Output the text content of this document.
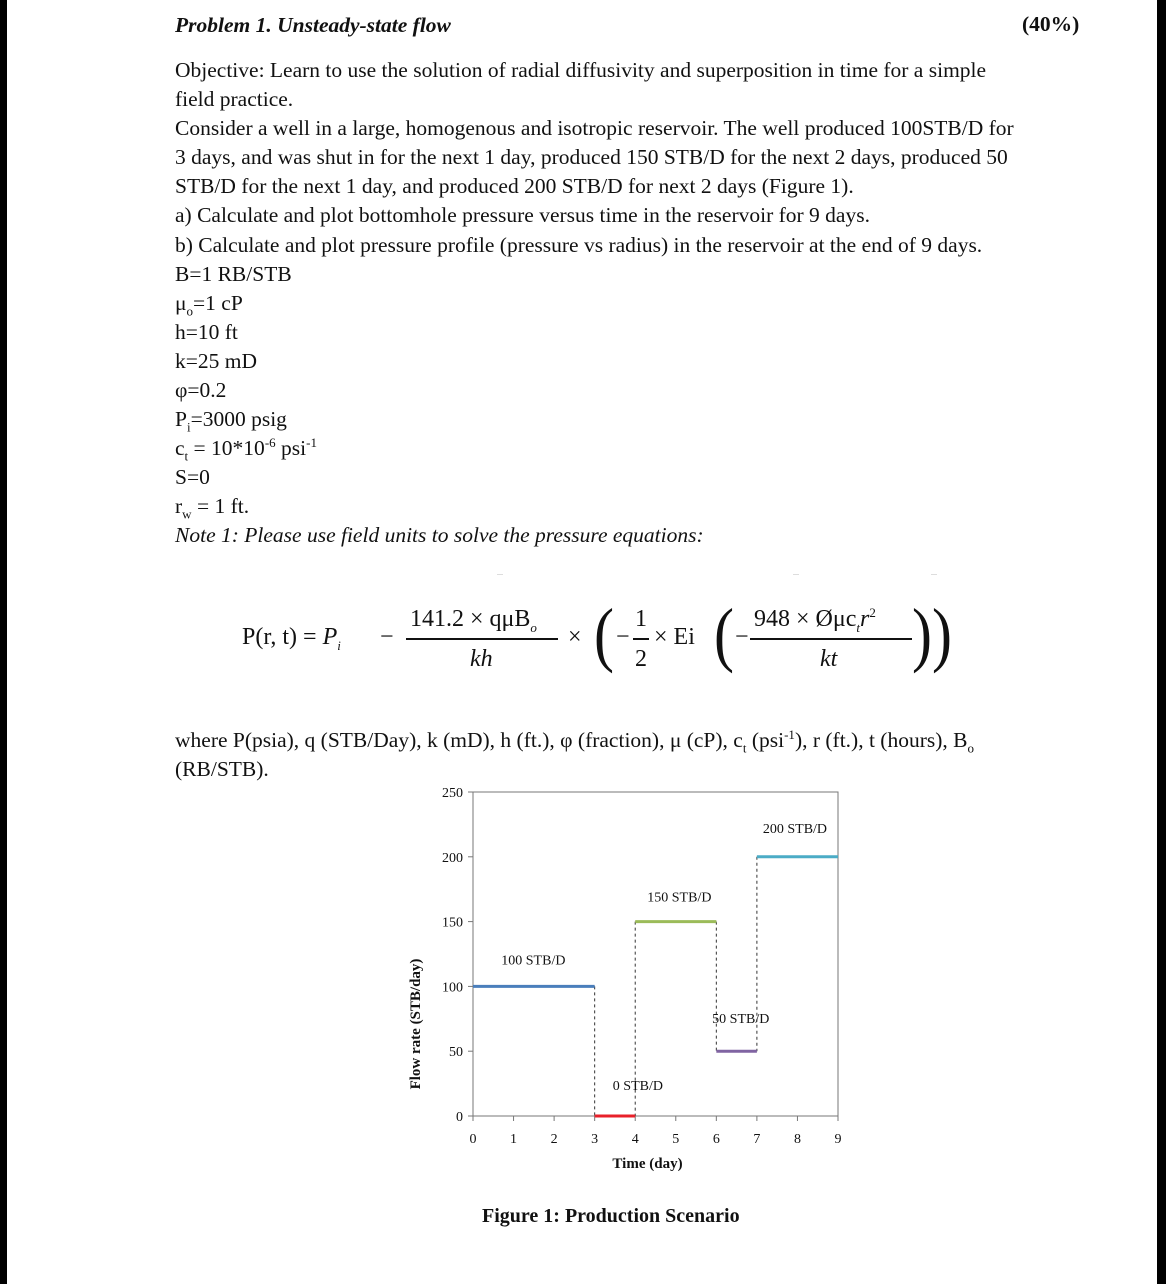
Problem 1. Unsteady-state flow	(40%)
Objective: Learn to use the solution of radial diffusivity and superposition in time for a simple
field practice.
Consider a well in a large, homogenous and isotropic reservoir. The well produced 100STB/D for
3 days, and was shut in for the next 1 day, produced 150 STB/D for the next 2 days, produced 50
STB/D for the next 1 day, and produced 200 STB/D for next 2 days (Figure 1).
a) Calculate and plot bottomhole pressure versus time in the reservoir for 9 days.
b) Calculate and plot pressure profile (pressure vs radius) in the reservoir at the end of 9 days.
B=1 RB/STB
$\mu_o=1$ cP
h=10 ft
k=25 mD
φ=0.2
$P_i=3000$ psig
$c_t = 10*10^{-6}$ psi$^{-1}$
S=0
$r_w = 1$ ft.
Note 1: Please use field units to solve the pressure equations:
P(r, $t) = P_i$ −
141.2 × qμB$_o$
kh
× ( −
1
2
× Ei ( −
$948 \times Ø\mu c_tr^2$
kt ))
where P(psia), q (STB/Day), k (mD), h (ft.), φ (fraction), μ (cP), $c_t$ (psi$^{-1}$), r (ft.), t (hours), $B_o$
(RB/STB).
0
50
100
150
200
250
0 1 2 3 4 5 6 7 8 9
100 STB/D
0 STB/D
150 STB/D
50 STB/D
200 STB/D
Time (day)
Flow rate (STB/day)
Figure 1: Production Scenario
